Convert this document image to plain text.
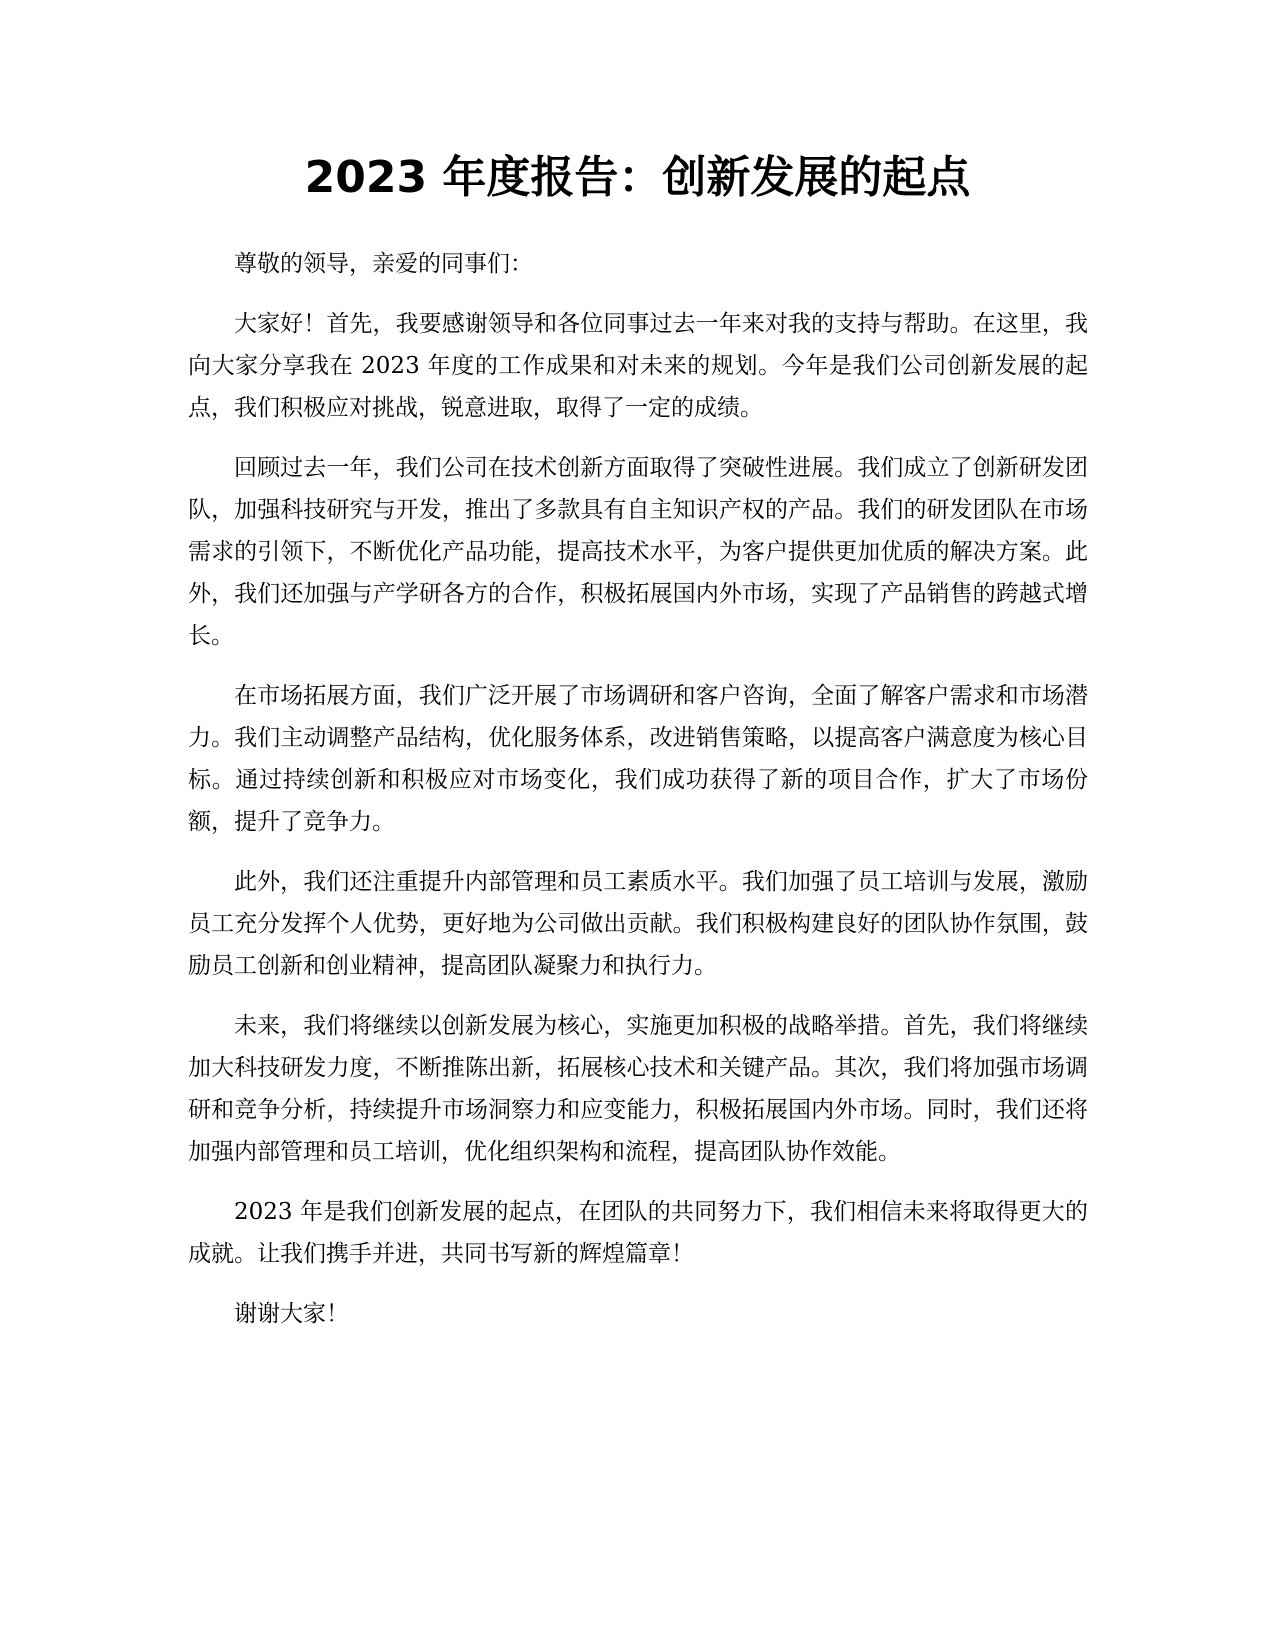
2023 年度报告：创新发展的起点

尊敬的领导，亲爱的同事们：

大家好！首先，我要感谢领导和各位同事过去一年来对我的支持与帮助。在这里，我向大家分享我在 2023 年度的工作成果和对未来的规划。今年是我们公司创新发展的起点，我们积极应对挑战，锐意进取，取得了一定的成绩。

回顾过去一年，我们公司在技术创新方面取得了突破性进展。我们成立了创新研发团队，加强科技研究与开发，推出了多款具有自主知识产权的产品。我们的研发团队在市场需求的引领下，不断优化产品功能，提高技术水平，为客户提供更加优质的解决方案。此外，我们还加强与产学研各方的合作，积极拓展国内外市场，实现了产品销售的跨越式增长。

在市场拓展方面，我们广泛开展了市场调研和客户咨询，全面了解客户需求和市场潜力。我们主动调整产品结构，优化服务体系，改进销售策略，以提高客户满意度为核心目标。通过持续创新和积极应对市场变化，我们成功获得了新的项目合作，扩大了市场份额，提升了竞争力。

此外，我们还注重提升内部管理和员工素质水平。我们加强了员工培训与发展，激励员工充分发挥个人优势，更好地为公司做出贡献。我们积极构建良好的团队协作氛围，鼓励员工创新和创业精神，提高团队凝聚力和执行力。

未来，我们将继续以创新发展为核心，实施更加积极的战略举措。首先，我们将继续加大科技研发力度，不断推陈出新，拓展核心技术和关键产品。其次，我们将加强市场调研和竞争分析，持续提升市场洞察力和应变能力，积极拓展国内外市场。同时，我们还将加强内部管理和员工培训，优化组织架构和流程，提高团队协作效能。

2023 年是我们创新发展的起点，在团队的共同努力下，我们相信未来将取得更大的成就。让我们携手并进，共同书写新的辉煌篇章！

谢谢大家！
